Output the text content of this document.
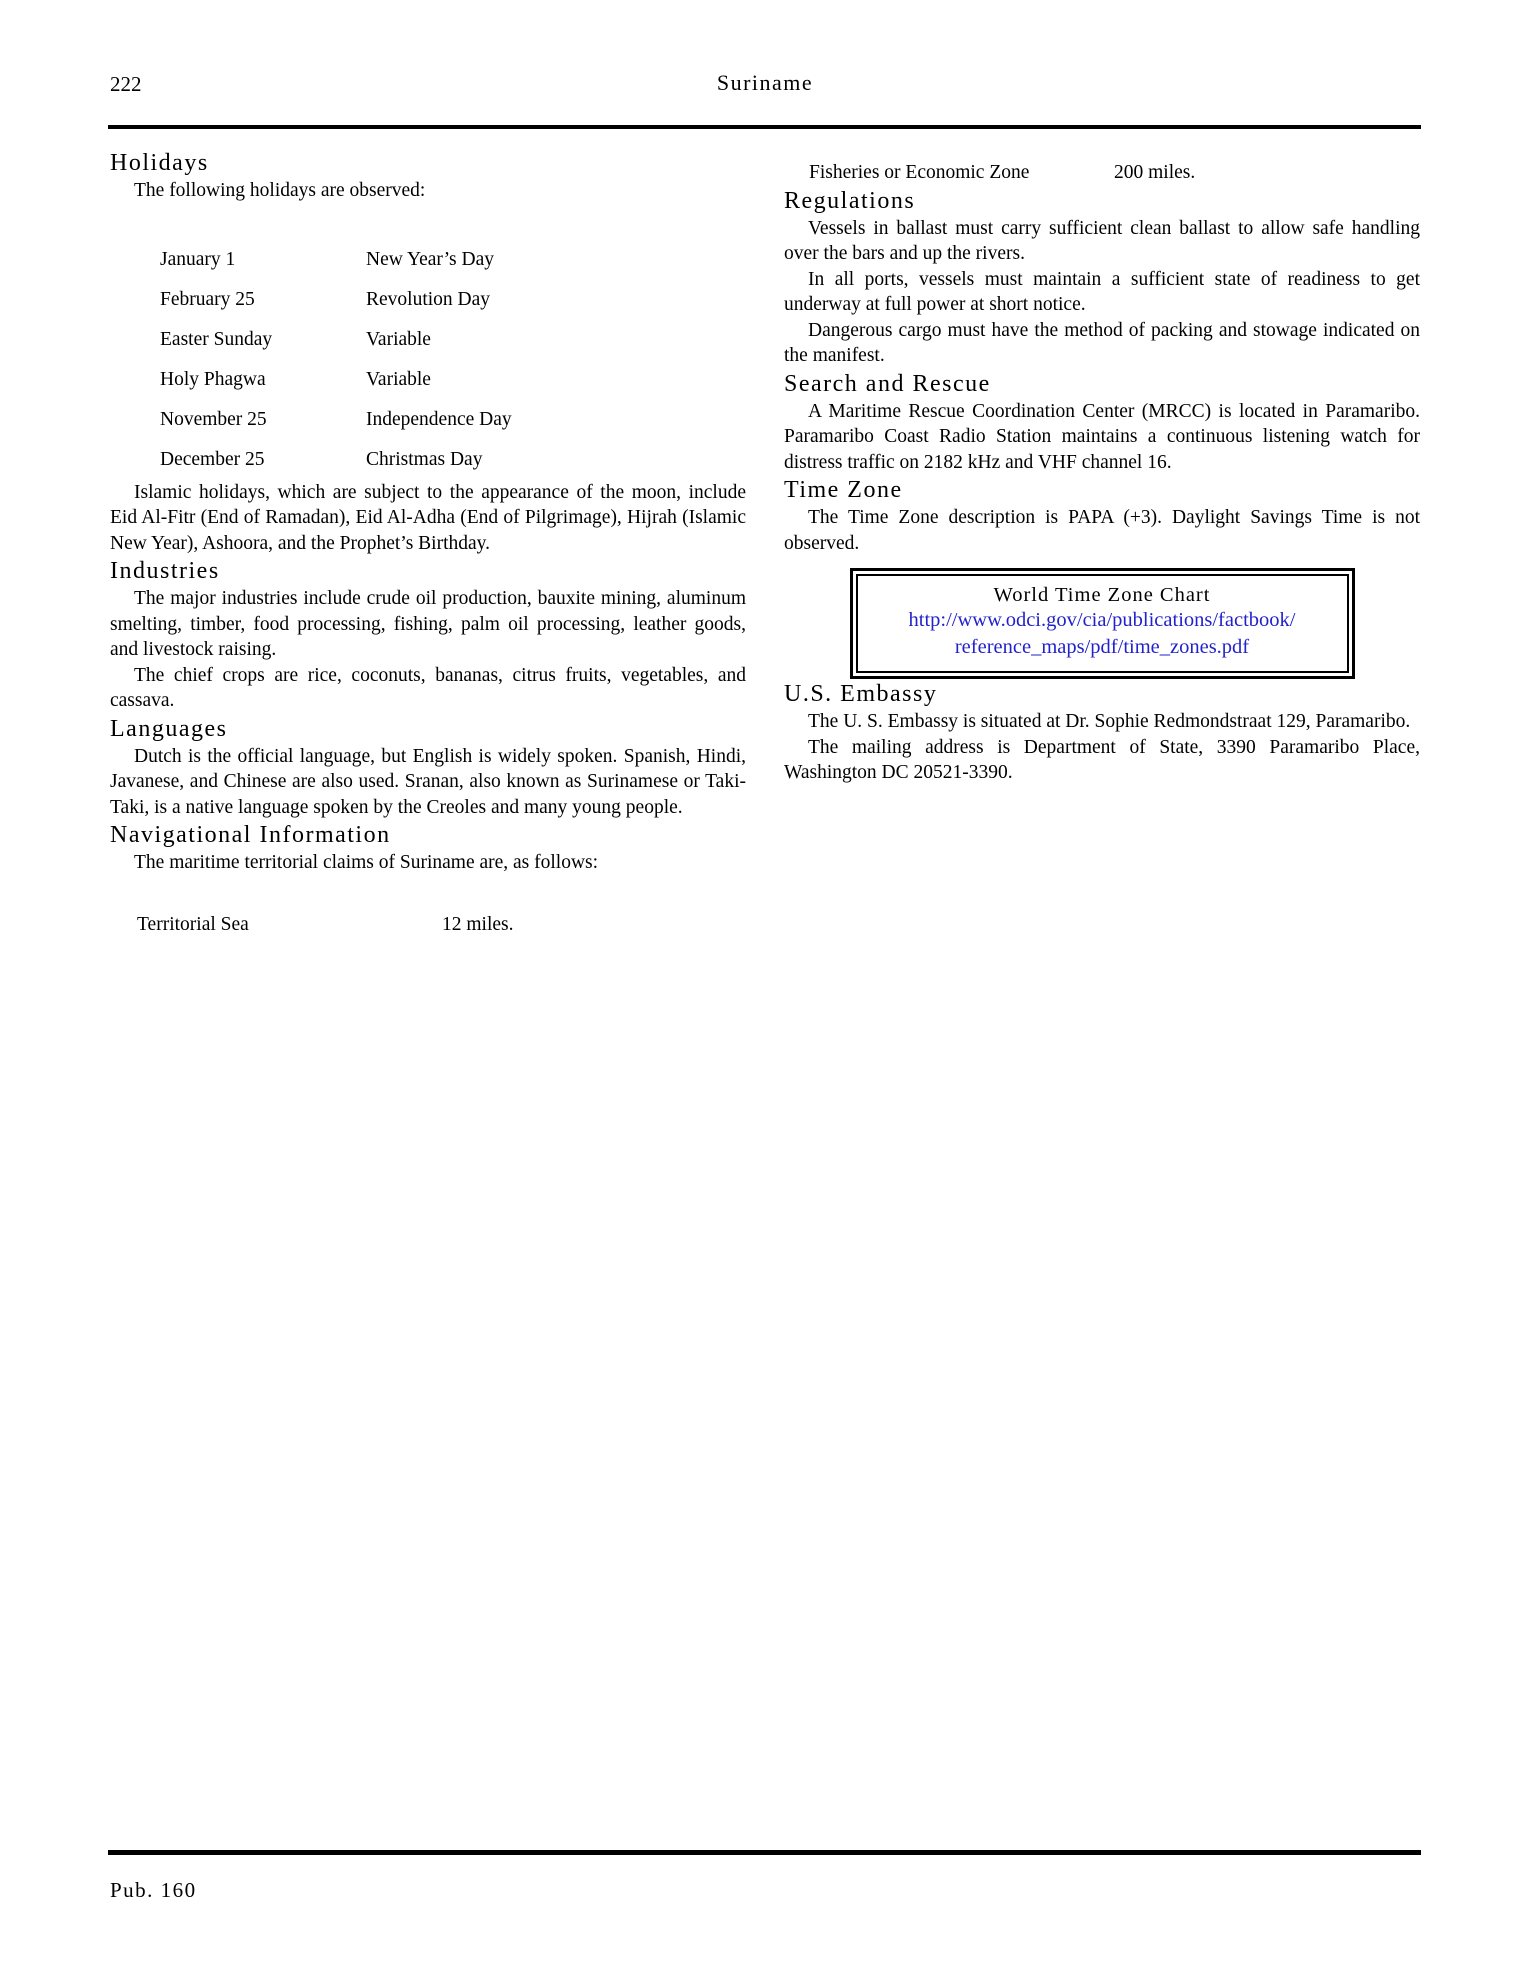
222	Suriname
Holidays

The following holidays are observed:

January 1	New Year’s Day
February 25	Revolution Day
Easter Sunday	Variable
Holy Phagwa	Variable
November 25	Independence Day
December 25	Christmas Day

Islamic holidays, which are subject to the appearance of the moon, include Eid Al-Fitr (End of Ramadan), Eid Al-Adha (End of Pilgrimage), Hijrah (Islamic New Year), Ashoora, and the Prophet’s Birthday.

Industries

The major industries include crude oil production, bauxite mining, aluminum smelting, timber, food processing, fishing, palm oil processing, leather goods, and livestock raising.

The chief crops are rice, coconuts, bananas, citrus fruits, vegetables, and cassava.

Languages

Dutch is the official language, but English is widely spoken. Spanish, Hindi, Javanese, and Chinese are also used. Sranan, also known as Surinamese or Taki-Taki, is a native language spoken by the Creoles and many young people.

Navigational Information

The maritime territorial claims of Suriname are, as follows:

Territorial Sea	12 miles.
Fisheries or Economic Zone	200 miles.
Regulations

Vessels in ballast must carry sufficient clean ballast to allow safe handling over the bars and up the rivers.

In all ports, vessels must maintain a sufficient state of readiness to get underway at full power at short notice.

Dangerous cargo must have the method of packing and stowage indicated on the manifest.

Search and Rescue

A Maritime Rescue Coordination Center (MRCC) is located in Paramaribo. Paramaribo Coast Radio Station maintains a continuous listening watch for distress traffic on 2182 kHz and VHF channel 16.

Time Zone

The Time Zone description is PAPA (+3). Daylight Savings Time is not observed.

World Time Zone Chart
http://www.odci.gov/cia/publications/factbook/
reference_maps/pdf/time_zones.pdf
U.S. Embassy

The U. S. Embassy is situated at Dr. Sophie Redmondstraat 129, Paramaribo.

The mailing address is Department of State, 3390 Paramaribo Place, Washington DC 20521-3390.

Pub. 160
